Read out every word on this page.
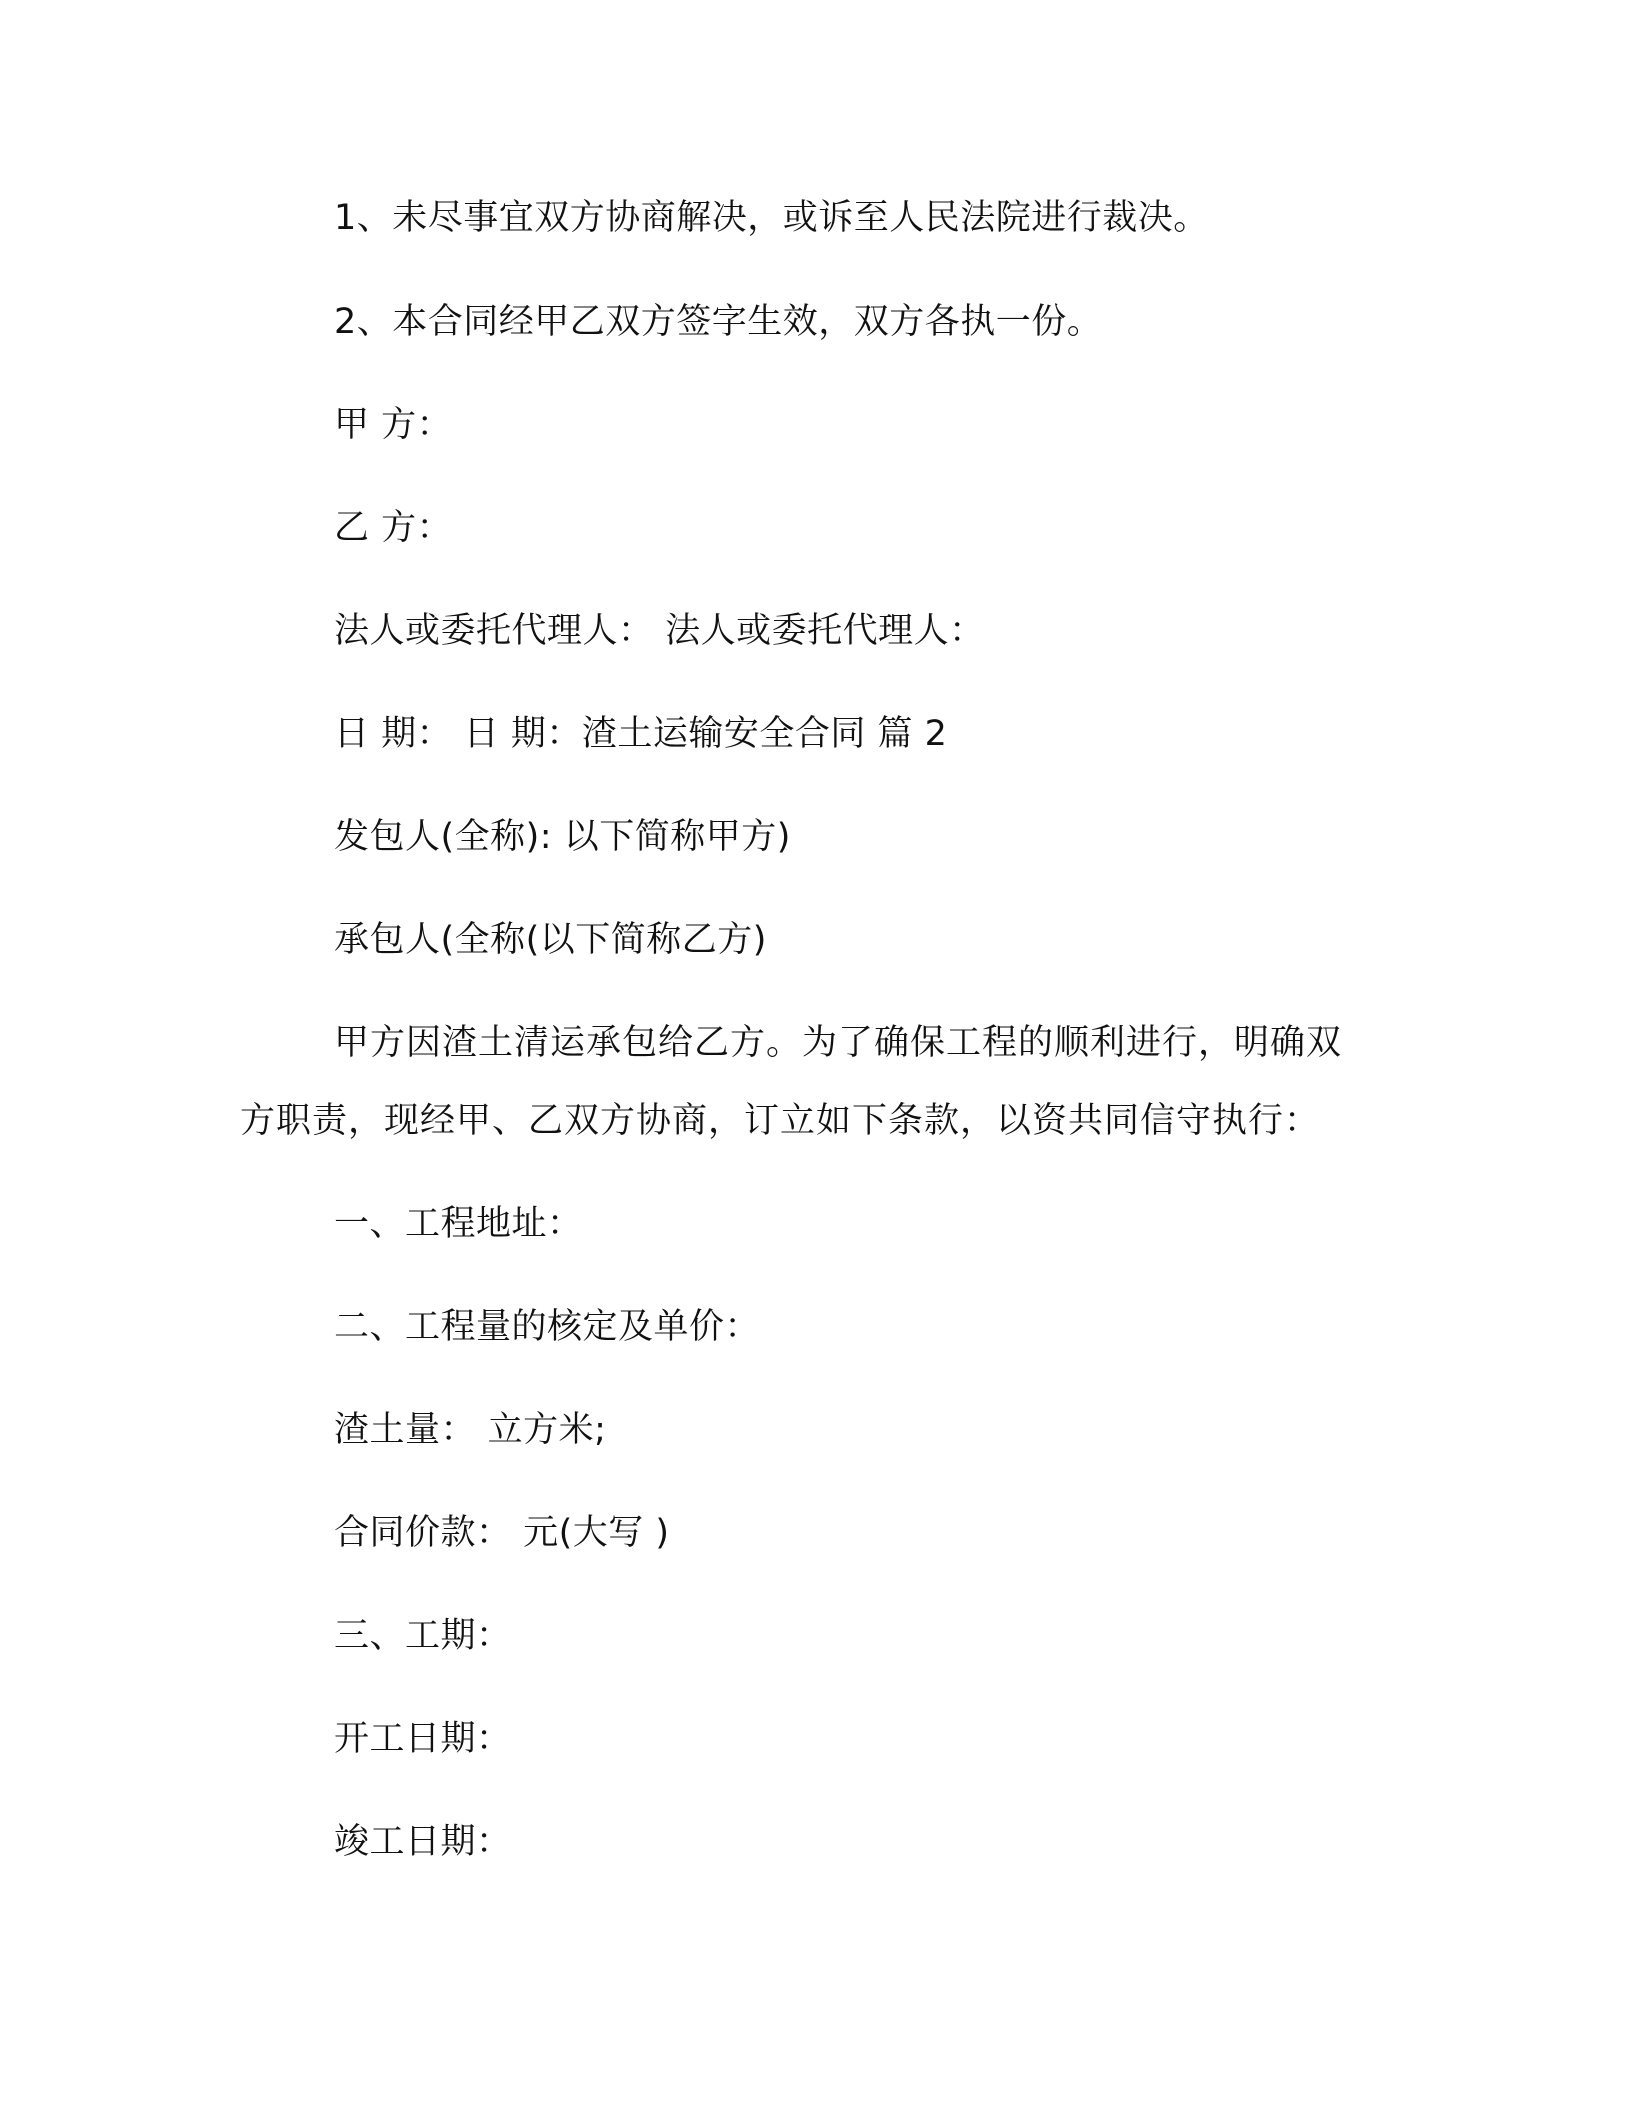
1、未尽事宜双方协商解决，或诉至人民法院进行裁决。
2、本合同经甲乙双方签字生效，双方各执一份。
甲 方：
乙 方：
法人或委托代理人： 法人或委托代理人：
日 期： 日 期：渣土运输安全合同 篇 2
发包人(全称): 以下简称甲方)
承包人(全称(以下简称乙方)
甲方因渣土清运承包给乙方。为了确保工程的顺利进行，明确双
方职责，现经甲、乙双方协商，订立如下条款，以资共同信守执行：
一、工程地址：
二、工程量的核定及单价：
渣土量： 立方米;
合同价款： 元(大写 )
三、工期：
开工日期：
竣工日期：
